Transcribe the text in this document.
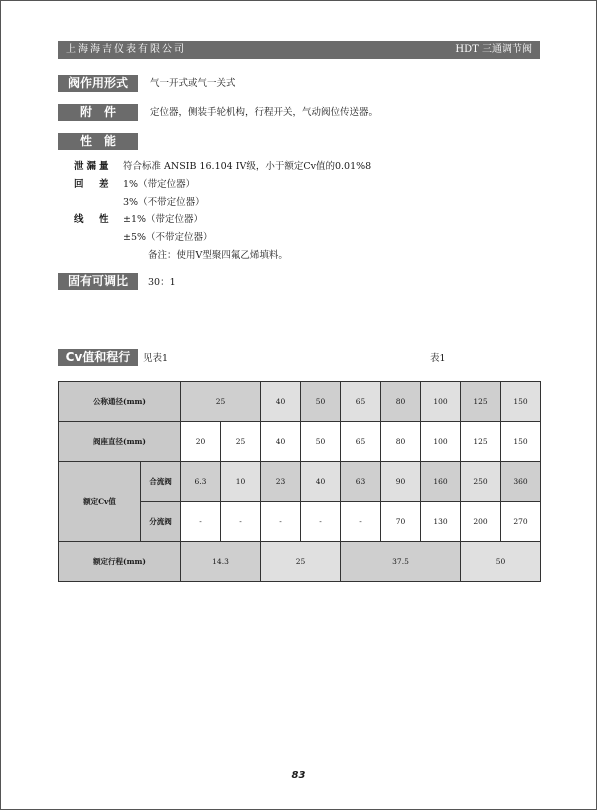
上海海吉仪表有限公司	HDT 三通调节阀
阀作用形式	气一开式或气一关式
附　件	定位器，侧装手轮机构，行程开关，气动阀位传送器。
性　能
泄漏量 符合标准 ANSIB 16.104 IV级，小于额定Cv值的0.01%8
回　差 1%（带定位器）
3%（不带定位器）
线　性 ±1%（带定位器）
±5%（不带定位器）
备注：使用V型聚四氟乙烯填料。
固有可调比	30：1
Cv值和程行	见表1	表1
公称通径(mm)		25		40	50	65	80	100	125	150
阀座直径(mm)		20	25	40	50	65	80	100	125	150
额定Cv值	合流阀	6.3	10	23	40	63	90	160	250	360
	分流阀	-	-	-	-	-	70	130	200	270
额定行程(mm)		14.3		25		37.5			50	
83
